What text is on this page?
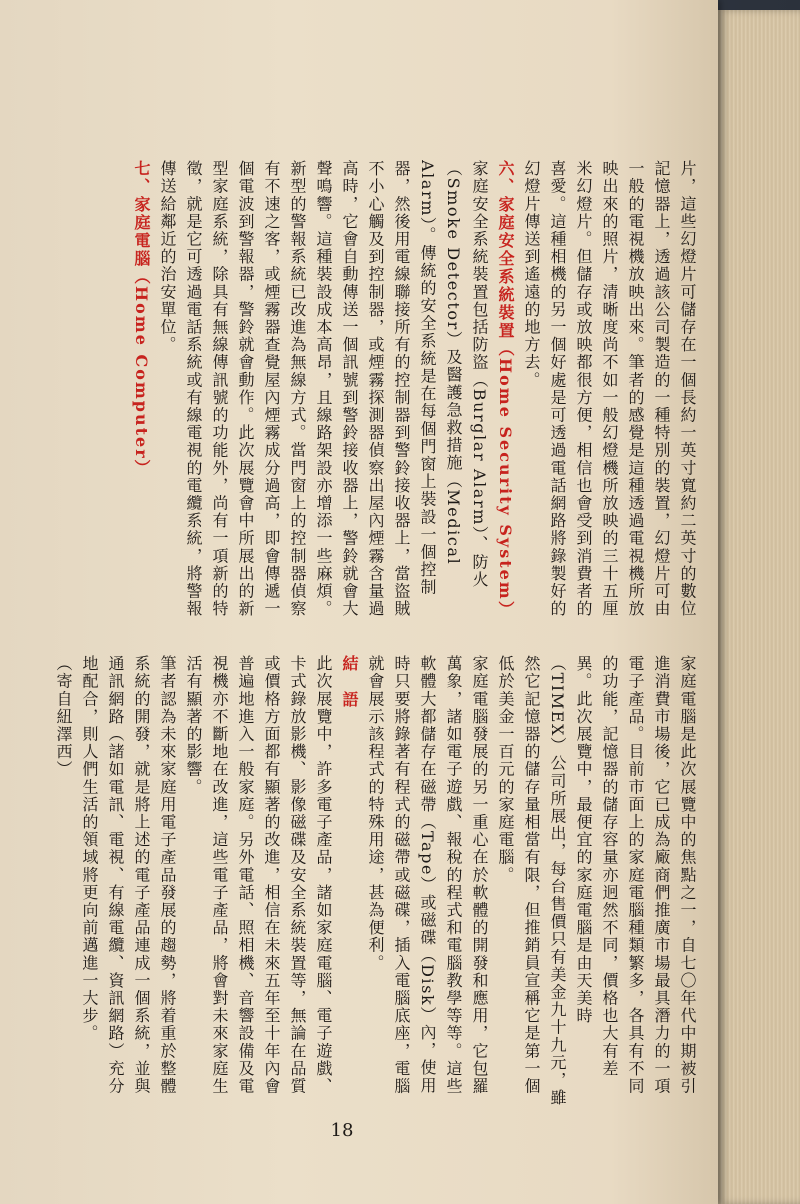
片，這些幻燈片可儲存在一個長約一英寸寬約二英寸的數位記憶器上，透過該公司製造的一種特別的裝置，幻燈片可由一般的電視機放映出來。筆者的感覺是這種透過電視機所放映出來的照片，清晰度尚不如一般幻燈機所放映的三十五厘米幻燈片。但儲存或放映都很方便，相信也會受到消費者的喜愛。這種相機的另一個好處是可透過電話網路將錄製好的幻燈片傳送到遙遠的地方去。
六、家庭安全系統裝置（Home Security System）
家庭安全系統裝置包括防盜（Burglar Alarm）、防火（Smoke Detector）及醫護急救措施（Medical Alarm）。傳統的安全系統是在每個門窗上裝設一個控制器，然後用電線聯接所有的控制器到警鈴接收器上，當盜賊不小心觸及到控制器，或煙霧探測器偵察出屋內煙霧含量過高時，它會自動傳送一個訊號到警鈴接收器上，警鈴就會大聲鳴響。這種裝設成本高昂，且線路架設亦增添一些麻煩。新型的警報系統已改進為無線方式。當門窗上的控制器偵察有不速之客，或煙霧器查覺屋內煙霧成分過高，即會傳遞一個電波到警報器，警鈴就會動作。此次展覽會中所展出的新型家庭系統，除具有無線傳訊號的功能外，尚有一項新的特徵，就是它可透過電話系統或有線電視的電纜系統，將警報傳送給鄰近的治安單位。
七、家庭電腦（Home Computer）
家庭電腦是此次展覽中的焦點之一，自七〇年代中期被引進消費市場後，它已成為廠商們推廣市場最具潛力的一項電子產品。目前市面上的家庭電腦種類繁多，各具有不同的功能，記憶器的儲存容量亦迥然不同，價格也大有差異。此次展覽中，最便宜的家庭電腦是由天美時（TIMEX）公司所展出，每台售價只有美金九十九元，雖然它記憶器的儲存量相當有限，但推銷員宣稱它是第一個低於美金一百元的家庭電腦。
家庭電腦發展的另一重心在於軟體的開發和應用，它包羅萬象，諸如電子遊戲、報稅的程式和電腦教學等等。這些軟體大都儲存在磁帶（Tape）或磁碟（Disk）內，使用時只要將錄著有程式的磁帶或磁碟，插入電腦底座，電腦就會展示該程式的特殊用途，甚為便利。
結　語
此次展覽中，許多電子產品，諸如家庭電腦、電子遊戲、卡式錄放影機、影像磁碟及安全系統裝置等，無論在品質或價格方面都有顯著的改進，相信在未來五年至十年內會普遍地進入一般家庭。另外電話、照相機、音響設備及電視機亦不斷地在改進，這些電子產品，將會對未來家庭生活有顯著的影響。
筆者認為未來家庭用電子產品發展的趨勢，將着重於整體系統的開發，就是將上述的電子產品連成一個系統，並與通訊網路（諸如電訊、電視、有線電纜、資訊網路）充分地配合，則人們生活的領域將更向前邁進一大步。
（寄自紐澤西）
18
